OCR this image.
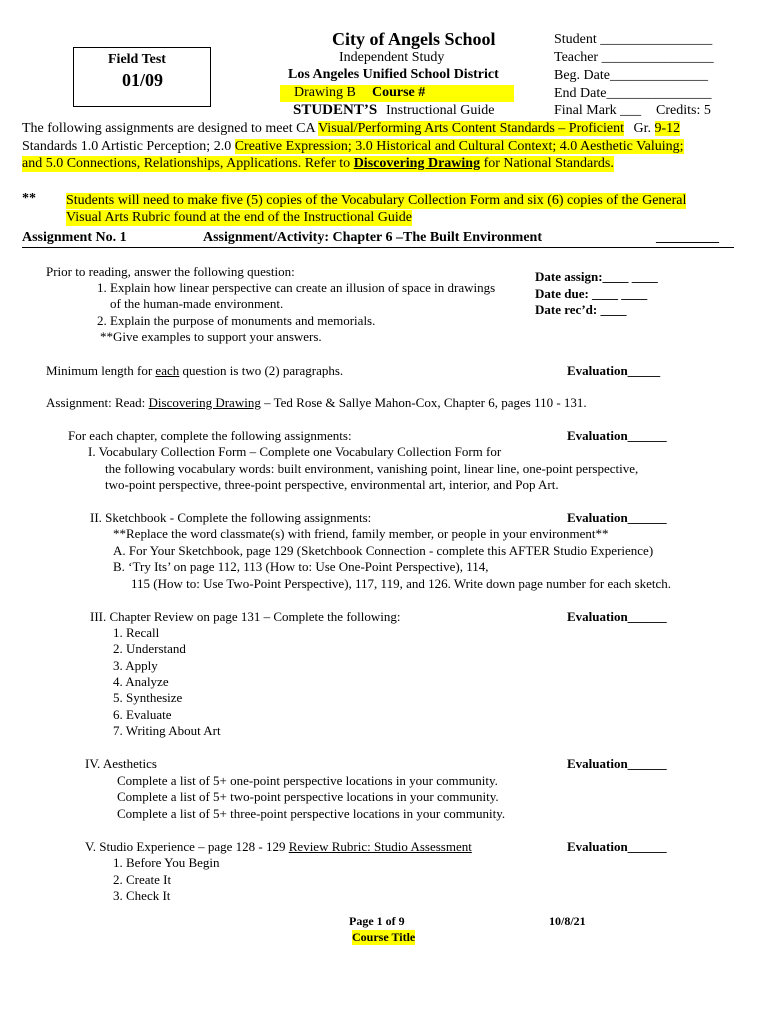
Field Test
01/09
City of Angels School
Independent Study
Los Angeles Unified School District
Drawing B Course #
STUDENT’S Instructional Guide
Student ________________
Teacher ________________
Beg. Date______________
End Date_______________
Final Mark ___ Credits: 5
The following assignments are designed to meet CA Visual/Performing Arts Content Standards – Proficient Gr. 9-12
Standards 1.0 Artistic Perception; 2.0 Creative Expression; 3.0 Historical and Cultural Context; 4.0 Aesthetic Valuing;
and 5.0 Connections, Relationships, Applications. Refer to Discovering Drawing for National Standards.
** Students will need to make five (5) copies of the Vocabulary Collection Form and six (6) copies of the General
Visual Arts Rubric found at the end of the Instructional Guide
Assignment No. 1	Assignment/Activity: Chapter 6 –The Built Environment	_________
Prior to reading, answer the following question:
1. Explain how linear perspective can create an illusion of space in drawings
of the human-made environment.
2. Explain the purpose of monuments and memorials.
**Give examples to support your answers.
Date assign:____ ____
Date due: ____ ____
Date rec’d: ____
Minimum length for each question is two (2) paragraphs.	Evaluation_____
Assignment: Read: Discovering Drawing – Ted Rose & Sallye Mahon-Cox, Chapter 6, pages 110 - 131.
For each chapter, complete the following assignments:	Evaluation______
I. Vocabulary Collection Form – Complete one Vocabulary Collection Form for
the following vocabulary words: built environment, vanishing point, linear line, one-point perspective,
two-point perspective, three-point perspective, environmental art, interior, and Pop Art.
II. Sketchbook - Complete the following assignments:	Evaluation______
**Replace the word classmate(s) with friend, family member, or people in your environment**
A. For Your Sketchbook, page 129 (Sketchbook Connection - complete this AFTER Studio Experience)
B. ‘Try Its’ on page 112, 113 (How to: Use One-Point Perspective), 114,
115 (How to: Use Two-Point Perspective), 117, 119, and 126. Write down page number for each sketch.
III. Chapter Review on page 131 – Complete the following:	Evaluation______
1. Recall
2. Understand
3. Apply
4. Analyze
5. Synthesize
6. Evaluate
7. Writing About Art
IV. Aesthetics	Evaluation______
Complete a list of 5+ one-point perspective locations in your community.
Complete a list of 5+ two-point perspective locations in your community.
Complete a list of 5+ three-point perspective locations in your community.
V. Studio Experience – page 128 - 129 Review Rubric: Studio Assessment	Evaluation______
1. Before You Begin
2. Create It
3. Check It
Page 1 of 9
Course Title
10/8/21
